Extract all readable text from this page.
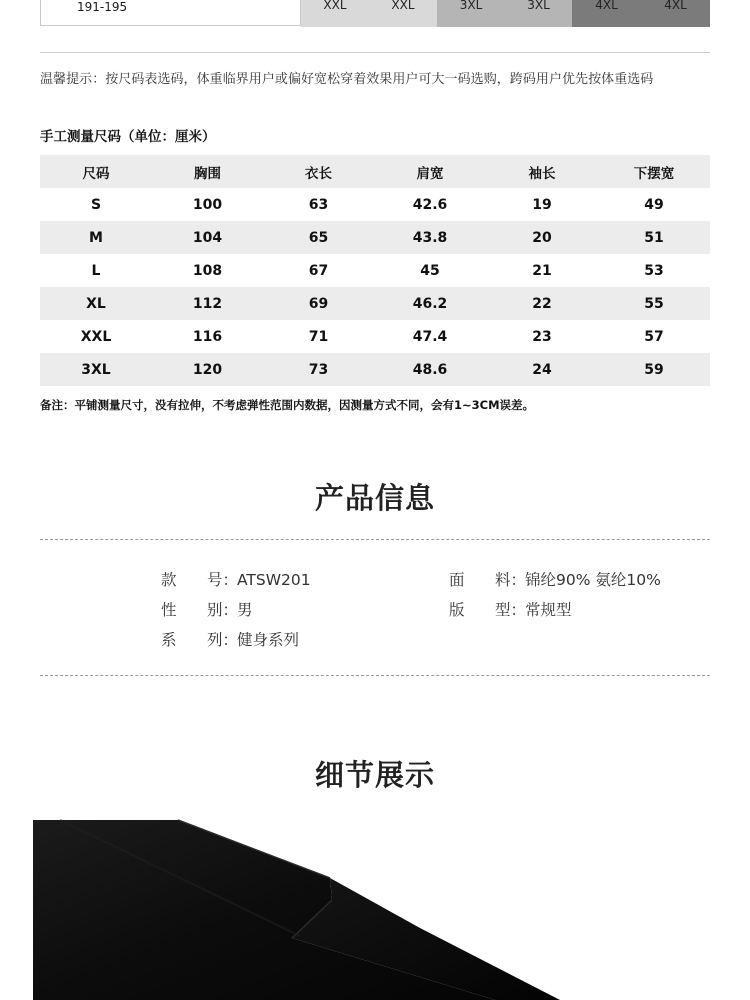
191-195	XXL	XXL	3XL	3XL	4XL	4XL
温馨提示：按尺码表选码，体重临界用户或偏好宽松穿着效果用户可大一码选购，跨码用户优先按体重选码
手工测量尺码（单位：厘米）
尺码	胸围	衣长	肩宽	袖长	下摆宽
S	100	63	42.6	19	49
M	104	65	43.8	20	51
L	108	67	45	21	53
XL	112	69	46.2	22	55
XXL	116	71	47.4	23	57
3XL	120	73	48.6	24	59
备注：平铺测量尺寸，没有拉伸，不考虑弹性范围内数据，因测量方式不同，会有1~3CM误差。
产品信息
款 号：ATSW201	面 料：锦纶90% 氨纶10%
性 别：男	版 型：常规型
系 列：健身系列
细节展示
